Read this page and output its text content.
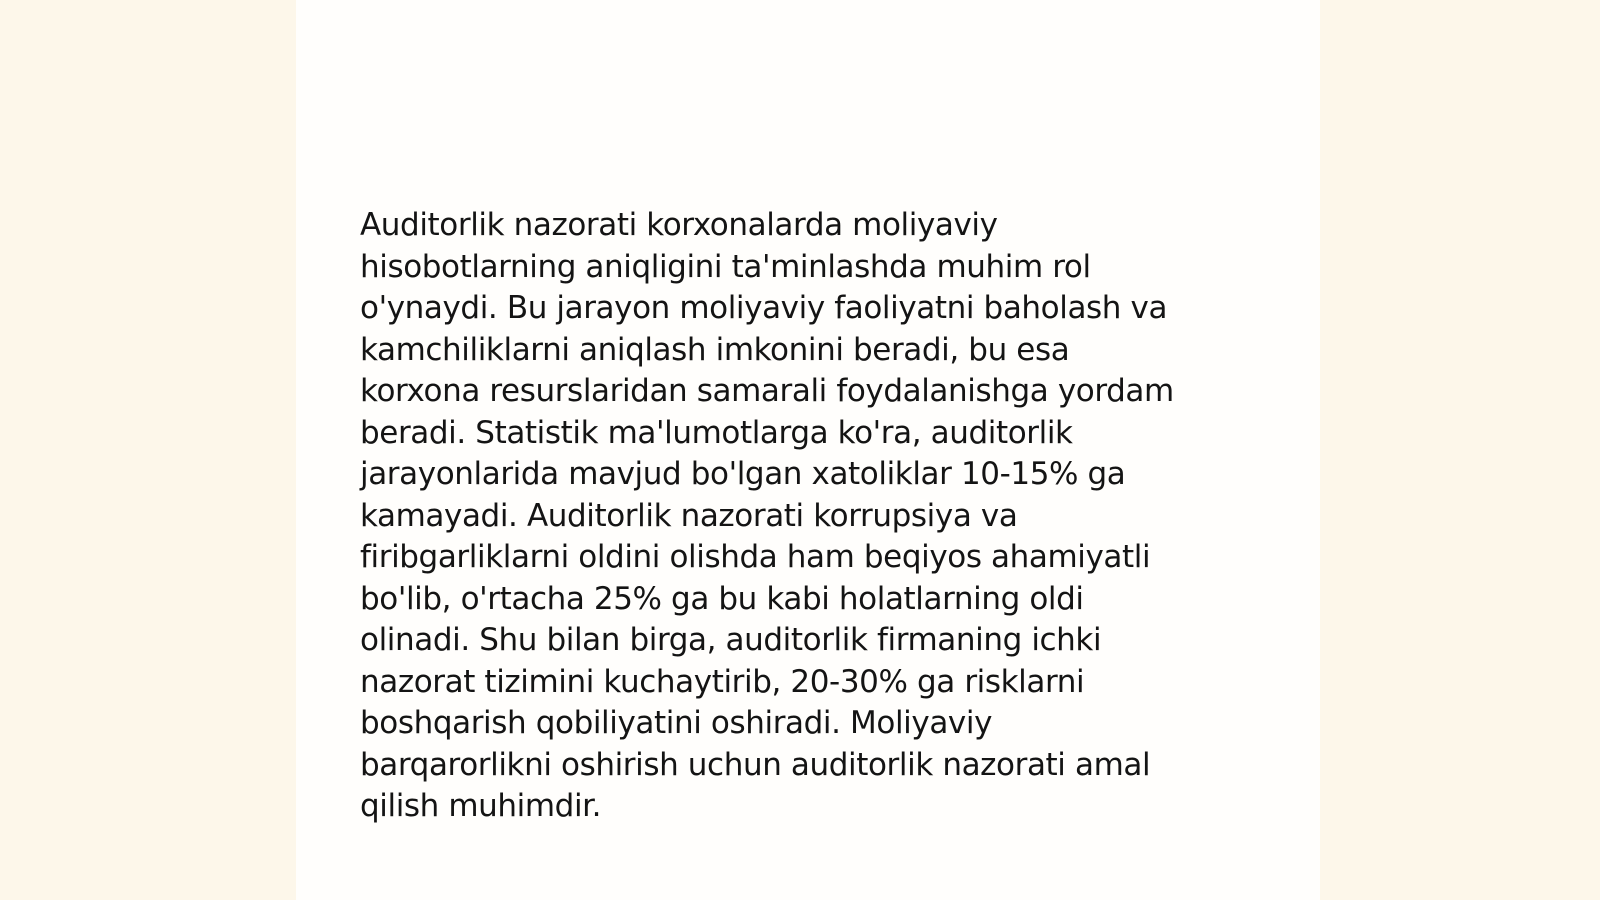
Auditorlik nazorati korxonalarda moliyaviy
hisobotlarning aniqligini ta'minlashda muhim rol
o'ynaydi. Bu jarayon moliyaviy faoliyatni baholash va
kamchiliklarni aniqlash imkonini beradi, bu esa
korxona resurslaridan samarali foydalanishga yordam
beradi. Statistik ma'lumotlarga ko'ra, auditorlik
jarayonlarida mavjud bo'lgan xatoliklar 10-15% ga
kamayadi. Auditorlik nazorati korrupsiya va
firibgarliklarni oldini olishda ham beqiyos ahamiyatli
bo'lib, o'rtacha 25% ga bu kabi holatlarning oldi
olinadi. Shu bilan birga, auditorlik firmaning ichki
nazorat tizimini kuchaytirib, 20-30% ga risklarni
boshqarish qobiliyatini oshiradi. Moliyaviy
barqarorlikni oshirish uchun auditorlik nazorati amal
qilish muhimdir.
